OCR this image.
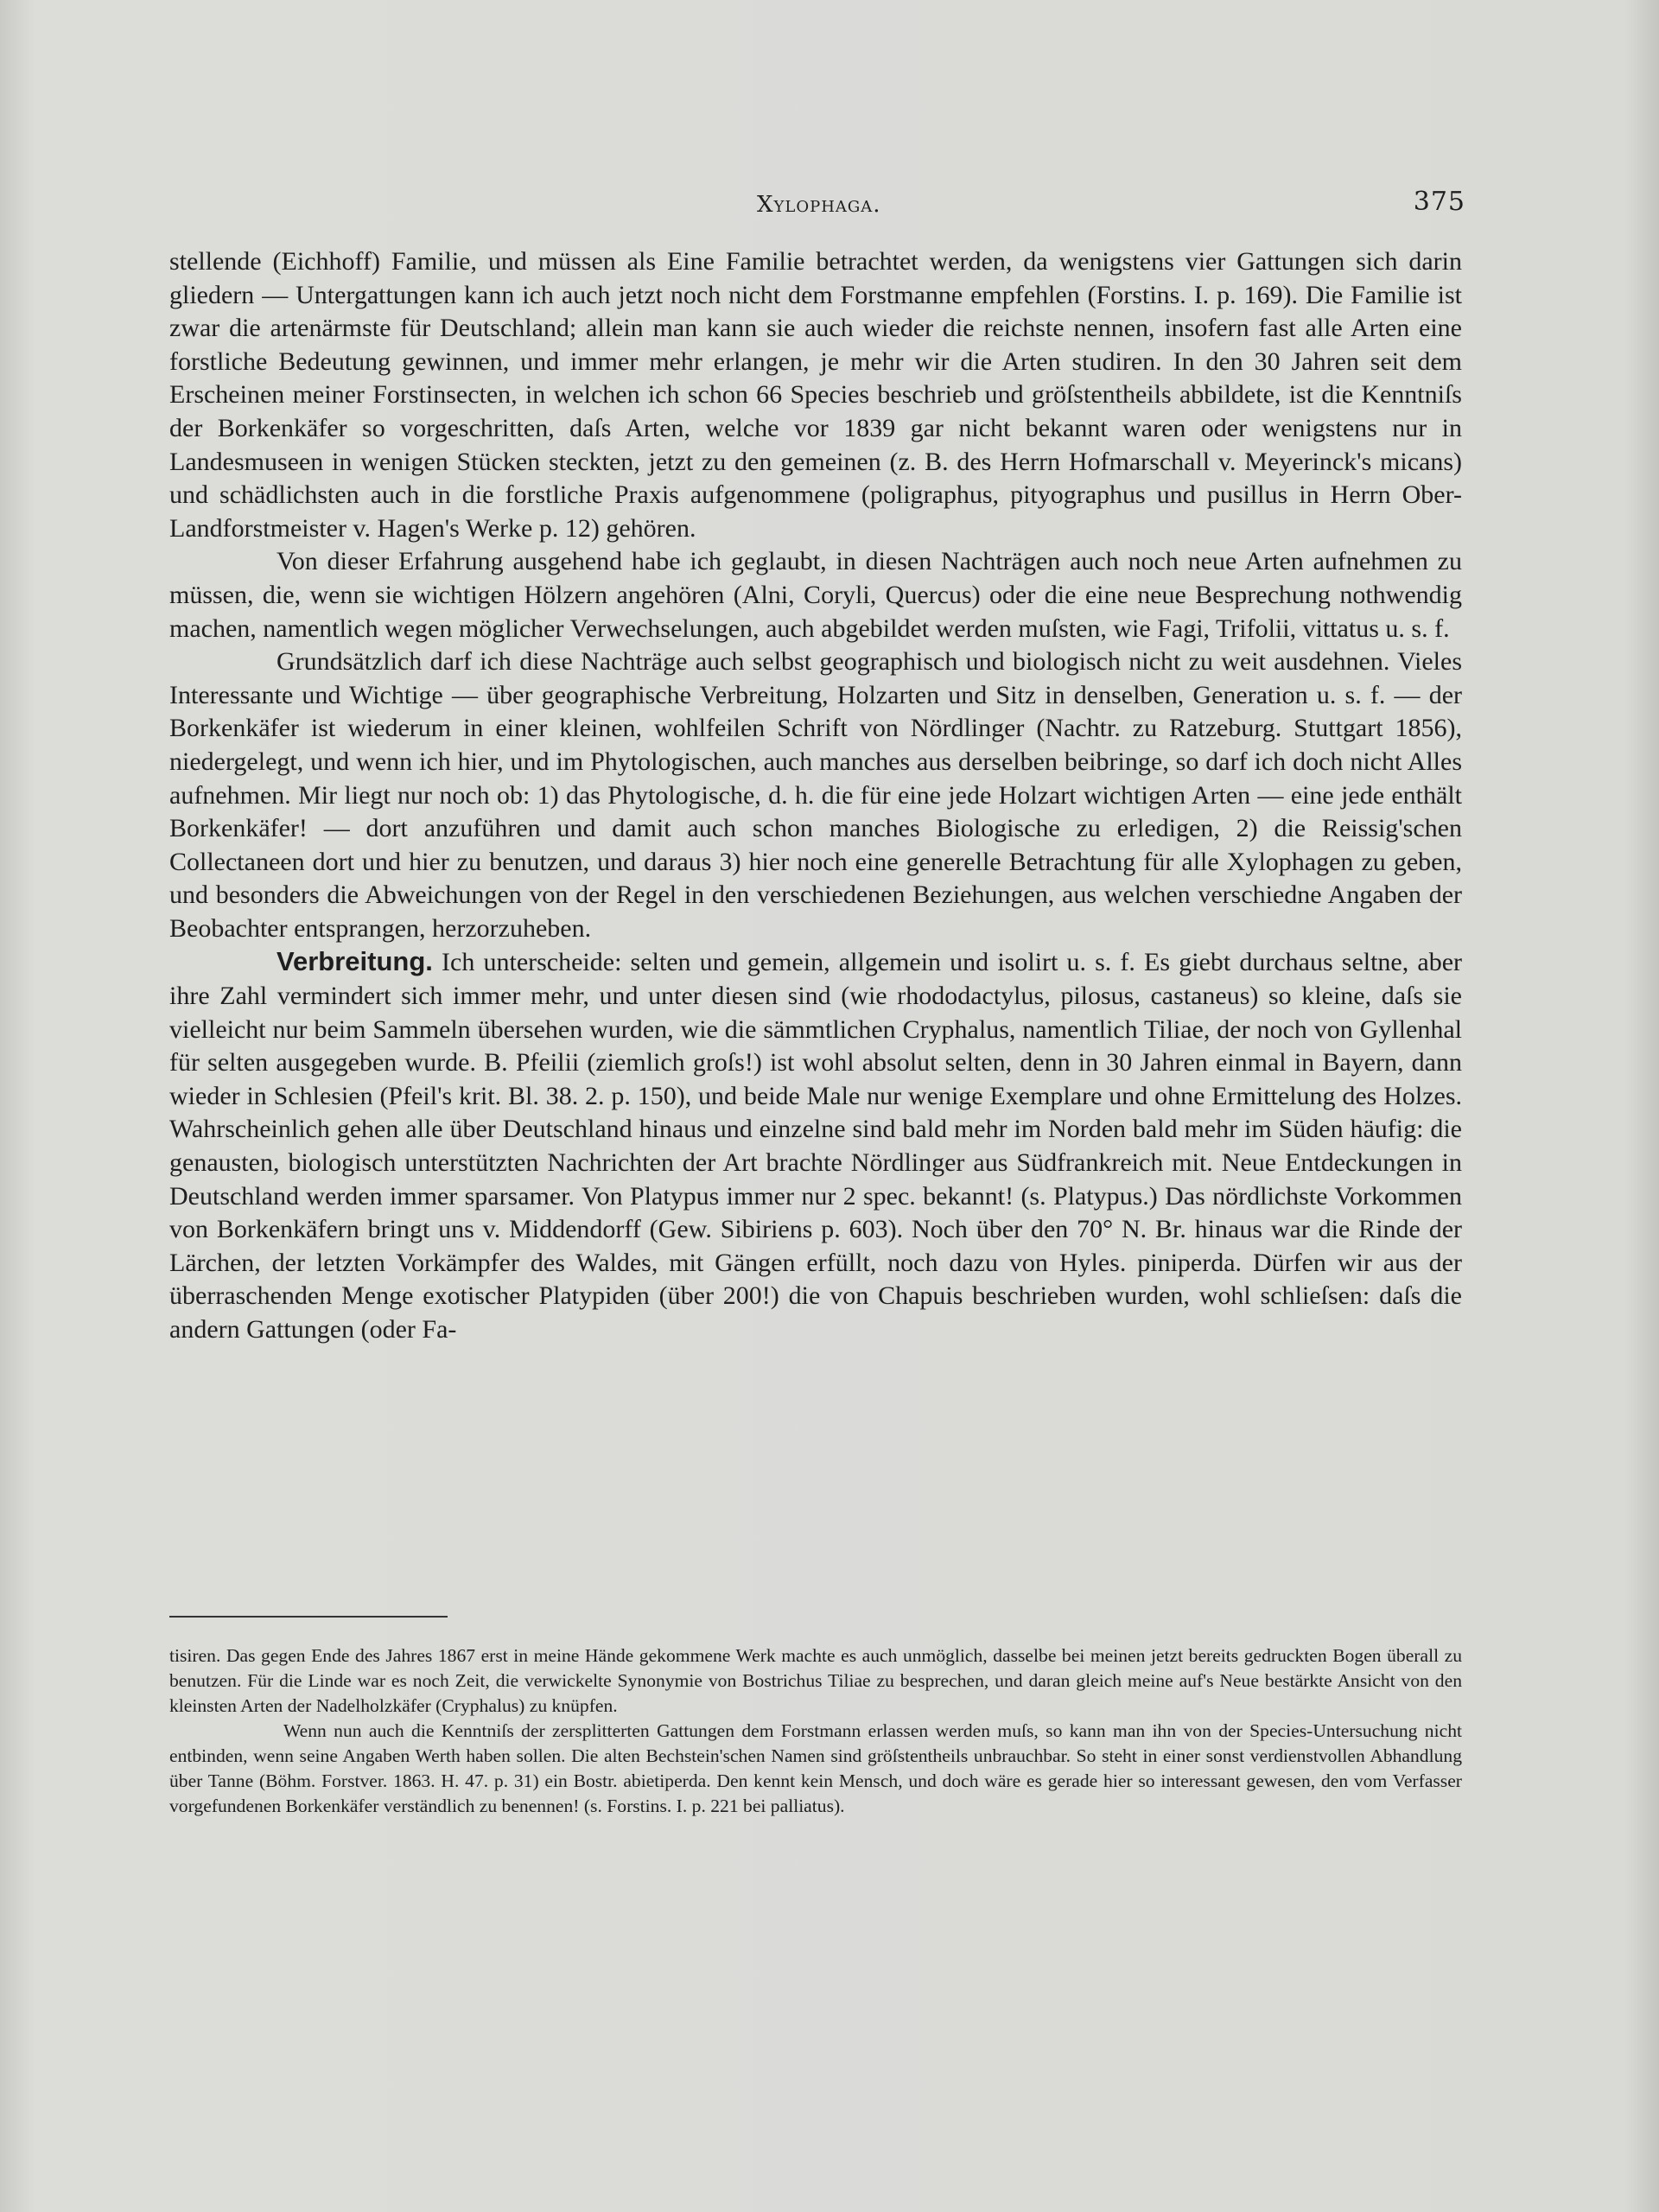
Xylophaga.	375

stellende (Eichhoff) Familie, und müssen als Eine Familie betrachtet werden, da wenigstens vier Gattungen sich darin gliedern — Untergattungen kann ich auch jetzt noch nicht dem Forstmanne empfehlen (Forstins. I. p. 169). Die Familie ist zwar die artenärmste für Deutschland; allein man kann sie auch wieder die reichste nennen, insofern fast alle Arten eine forstliche Bedeutung gewinnen, und immer mehr erlangen, je mehr wir die Arten studiren. In den 30 Jahren seit dem Erscheinen meiner Forstinsecten, in welchen ich schon 66 Species beschrieb und gröſstentheils abbildete, ist die Kenntniſs der Borkenkäfer so vorgeschritten, daſs Arten, welche vor 1839 gar nicht bekannt waren oder wenigstens nur in Landesmuseen in wenigen Stücken steckten, jetzt zu den gemeinen (z. B. des Herrn Hofmarschall v. Meyerinck's micans) und schädlichsten auch in die forstliche Praxis aufgenommene (poligraphus, pityographus und pusillus in Herrn Ober-Landforstmeister v. Hagen's Werke p. 12) gehören.

Von dieser Erfahrung ausgehend habe ich geglaubt, in diesen Nachträgen auch noch neue Arten aufnehmen zu müssen, die, wenn sie wichtigen Hölzern angehören (Alni, Coryli, Quercus) oder die eine neue Besprechung nothwendig machen, namentlich wegen möglicher Verwechselungen, auch abgebildet werden muſsten, wie Fagi, Trifolii, vittatus u. s. f.

Grundsätzlich darf ich diese Nachträge auch selbst geographisch und biologisch nicht zu weit ausdehnen. Vieles Interessante und Wichtige — über geographische Verbreitung, Holzarten und Sitz in denselben, Generation u. s. f. — der Borkenkäfer ist wiederum in einer kleinen, wohlfeilen Schrift von Nördlinger (Nachtr. zu Ratzeburg. Stuttgart 1856), niedergelegt, und wenn ich hier, und im Phytologischen, auch manches aus derselben beibringe, so darf ich doch nicht Alles aufnehmen. Mir liegt nur noch ob: 1) das Phytologische, d. h. die für eine jede Holzart wichtigen Arten — eine jede enthält Borkenkäfer! — dort anzuführen und damit auch schon manches Biologische zu erledigen, 2) die Reissig'schen Collectaneen dort und hier zu benutzen, und daraus 3) hier noch eine generelle Betrachtung für alle Xylophagen zu geben, und besonders die Abweichungen von der Regel in den verschiedenen Beziehungen, aus welchen verschiedne Angaben der Beobachter entsprangen, herzorzuheben.

Verbreitung. Ich unterscheide: selten und gemein, allgemein und isolirt u. s. f. Es giebt durchaus seltne, aber ihre Zahl vermindert sich immer mehr, und unter diesen sind (wie rhododactylus, pilosus, castaneus) so kleine, daſs sie vielleicht nur beim Sammeln übersehen wurden, wie die sämmtlichen Cryphalus, namentlich Tiliae, der noch von Gyllenhal für selten ausgegeben wurde. B. Pfeilii (ziemlich groſs!) ist wohl absolut selten, denn in 30 Jahren einmal in Bayern, dann wieder in Schlesien (Pfeil's krit. Bl. 38. 2. p. 150), und beide Male nur wenige Exemplare und ohne Ermittelung des Holzes. Wahrscheinlich gehen alle über Deutschland hinaus und einzelne sind bald mehr im Norden bald mehr im Süden häufig: die genausten, biologisch unterstützten Nachrichten der Art brachte Nördlinger aus Südfrankreich mit. Neue Entdeckungen in Deutschland werden immer sparsamer. Von Platypus immer nur 2 spec. bekannt! (s. Platypus.) Das nördlichste Vorkommen von Borkenkäfern bringt uns v. Middendorff (Gew. Sibiriens p. 603). Noch über den 70° N. Br. hinaus war die Rinde der Lärchen, der letzten Vorkämpfer des Waldes, mit Gängen erfüllt, noch dazu von Hyles. piniperda. Dürfen wir aus der überraschenden Menge exotischer Platypiden (über 200!) die von Chapuis beschrieben wurden, wohl schlieſsen: daſs die andern Gattungen (oder Fa-

tisiren. Das gegen Ende des Jahres 1867 erst in meine Hände gekommene Werk machte es auch unmöglich, dasselbe bei meinen jetzt bereits gedruckten Bogen überall zu benutzen. Für die Linde war es noch Zeit, die verwickelte Synonymie von Bostrichus Tiliae zu besprechen, und daran gleich meine auf's Neue bestärkte Ansicht von den kleinsten Arten der Nadelholzkäfer (Cryphalus) zu knüpfen.

Wenn nun auch die Kenntniſs der zersplitterten Gattungen dem Forstmann erlassen werden muſs, so kann man ihn von der Species-Untersuchung nicht entbinden, wenn seine Angaben Werth haben sollen. Die alten Bechstein'schen Namen sind gröſstentheils unbrauchbar. So steht in einer sonst verdienstvollen Abhandlung über Tanne (Böhm. Forstver. 1863. H. 47. p. 31) ein Bostr. abietiperda. Den kennt kein Mensch, und doch wäre es gerade hier so interessant gewesen, den vom Verfasser vorgefundenen Borkenkäfer verständlich zu benennen! (s. Forstins. I. p. 221 bei palliatus).
